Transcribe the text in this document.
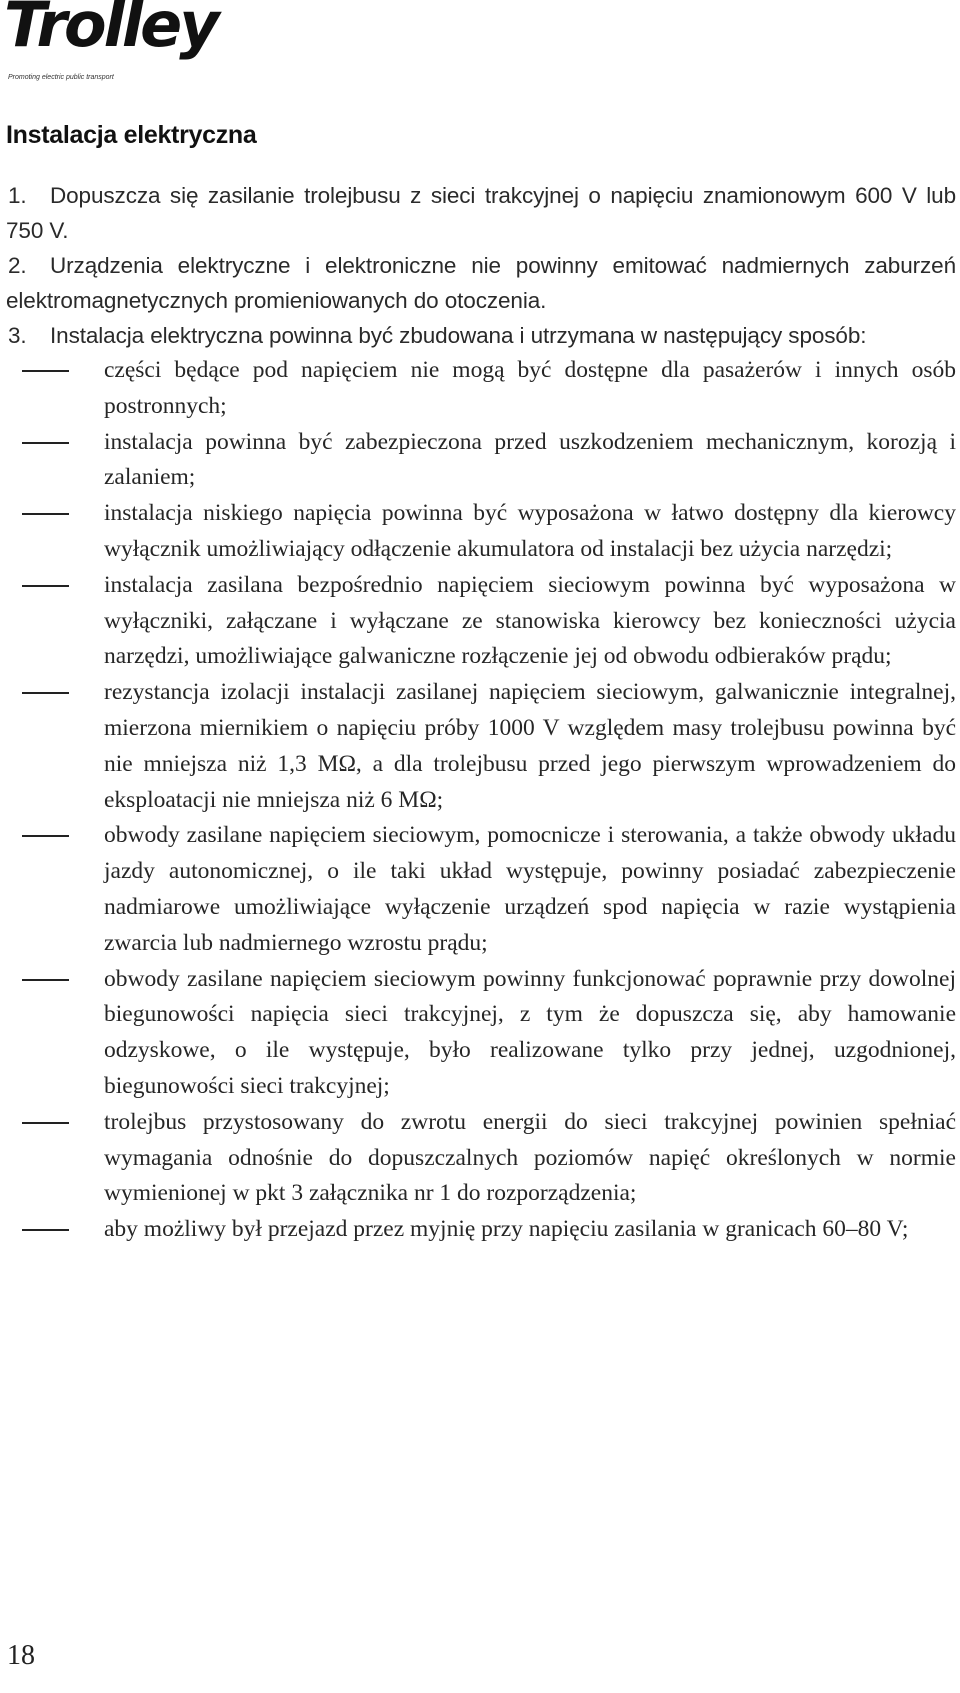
Trolley
Promoting electric public transport
Instalacja elektryczna

1. Dopuszcza się zasilanie trolejbusu z sieci trakcyjnej o napięciu znamionowym 600 V lub 750 V.

2. Urządzenia elektryczne i elektroniczne nie powinny emitować nadmiernych zaburzeń elektromagnetycznych promieniowanych do otoczenia.

3. Instalacja elektryczna powinna być zbudowana i utrzymana w następujący sposób:

części będące pod napięciem nie mogą być dostępne dla pasażerów i innych osób postronnych;
instalacja powinna być zabezpieczona przed uszkodzeniem mechanicznym, korozją i zalaniem;
instalacja niskiego napięcia powinna być wyposażona w łatwo dostępny dla kierowcy wyłącznik umożliwiający odłączenie akumulatora od instalacji bez użycia narzędzi;
instalacja zasilana bezpośrednio napięciem sieciowym powinna być wyposażona w wyłączniki, załączane i wyłączane ze stanowiska kierowcy bez konieczności użycia narzędzi, umożliwiające galwaniczne rozłączenie jej od obwodu odbieraków prądu;
rezystancja izolacji instalacji zasilanej napięciem sieciowym, galwanicznie integralnej, mierzona miernikiem o napięciu próby 1000 V względem masy trolejbusu powinna być nie mniejsza niż 1,3 MΩ, a dla trolejbusu przed jego pierwszym wprowadzeniem do eksploatacji nie mniejsza niż 6 MΩ;
obwody zasilane napięciem sieciowym, pomocnicze i sterowania, a także obwody układu jazdy autonomicznej, o ile taki układ występuje, powinny posiadać zabezpieczenie nadmiarowe umożliwiające wyłączenie urządzeń spod napięcia w razie wystąpienia zwarcia lub nadmiernego wzrostu prądu;
obwody zasilane napięciem sieciowym powinny funkcjonować poprawnie przy dowolnej biegunowości napięcia sieci trakcyjnej, z tym że dopuszcza się, aby hamowanie odzyskowe, o ile występuje, było realizowane tylko przy jednej, uzgodnionej, biegunowości sieci trakcyjnej;
trolejbus przystosowany do zwrotu energii do sieci trakcyjnej powinien spełniać wymagania odnośnie do dopuszczalnych poziomów napięć określonych w normie wymienionej w pkt 3 załącznika nr 1 do rozporządzenia;
aby możliwy był przejazd przez myjnię przy napięciu zasilania w granicach 60–80 V;
18
